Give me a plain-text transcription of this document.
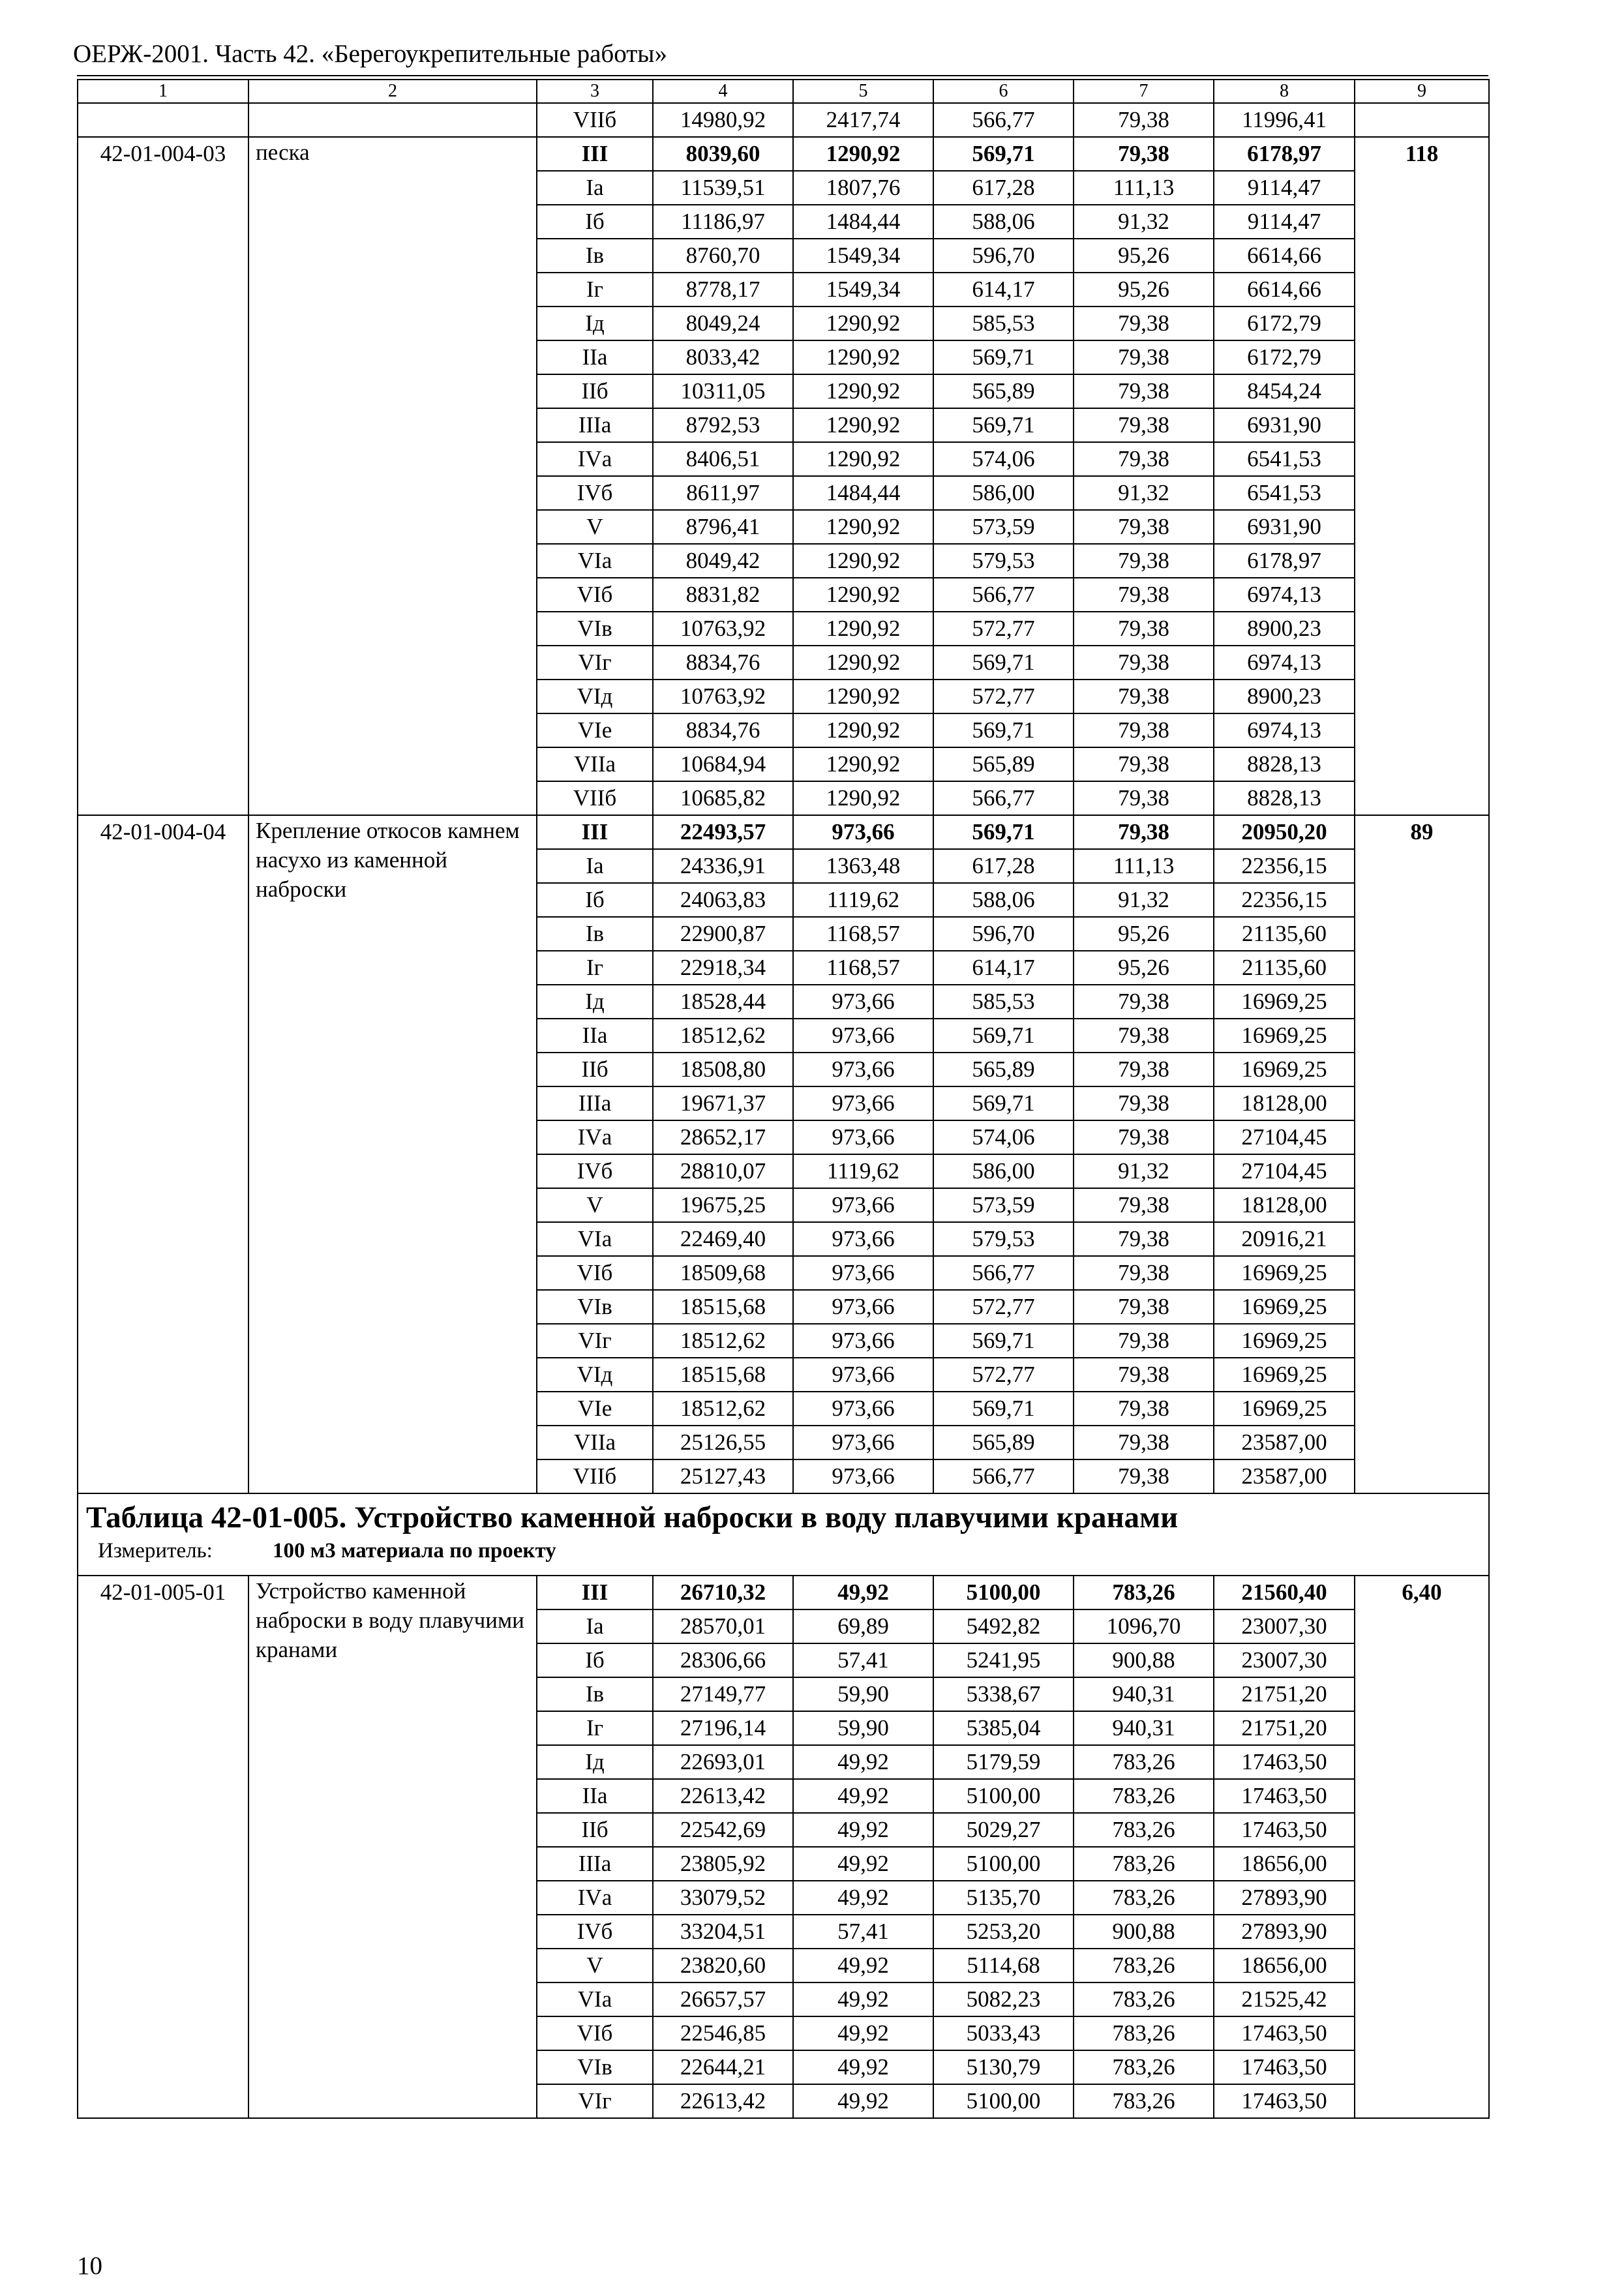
ОЕРЖ-2001. Часть 42. «Берегоукрепительные работы»
1	2	3	4	5	6	7	8	9
		VIIб	14980,92	2417,74	566,77	79,38	11996,41	
42-01-004-03	песка	III	8039,60	1290,92	569,71	79,38	6178,97	118
		Iа	11539,51	1807,76	617,28	111,13	9114,47	
		Iб	11186,97	1484,44	588,06	91,32	9114,47	
		Iв	8760,70	1549,34	596,70	95,26	6614,66	
		Iг	8778,17	1549,34	614,17	95,26	6614,66	
		Iд	8049,24	1290,92	585,53	79,38	6172,79	
		IIа	8033,42	1290,92	569,71	79,38	6172,79	
		IIб	10311,05	1290,92	565,89	79,38	8454,24	
		IIIа	8792,53	1290,92	569,71	79,38	6931,90	
		IVа	8406,51	1290,92	574,06	79,38	6541,53	
		IVб	8611,97	1484,44	586,00	91,32	6541,53	
		V	8796,41	1290,92	573,59	79,38	6931,90	
		VIа	8049,42	1290,92	579,53	79,38	6178,97	
		VIб	8831,82	1290,92	566,77	79,38	6974,13	
		VIв	10763,92	1290,92	572,77	79,38	8900,23	
		VIг	8834,76	1290,92	569,71	79,38	6974,13	
		VIд	10763,92	1290,92	572,77	79,38	8900,23	
		VIе	8834,76	1290,92	569,71	79,38	6974,13	
		VIIа	10684,94	1290,92	565,89	79,38	8828,13	
		VIIб	10685,82	1290,92	566,77	79,38	8828,13	
42-01-004-04	Крепление откосов камнем насухо из каменной наброски	III	22493,57	973,66	569,71	79,38	20950,20	89
		Iа	24336,91	1363,48	617,28	111,13	22356,15	
		Iб	24063,83	1119,62	588,06	91,32	22356,15	
		Iв	22900,87	1168,57	596,70	95,26	21135,60	
		Iг	22918,34	1168,57	614,17	95,26	21135,60	
		Iд	18528,44	973,66	585,53	79,38	16969,25	
		IIа	18512,62	973,66	569,71	79,38	16969,25	
		IIб	18508,80	973,66	565,89	79,38	16969,25	
		IIIа	19671,37	973,66	569,71	79,38	18128,00	
		IVа	28652,17	973,66	574,06	79,38	27104,45	
		IVб	28810,07	1119,62	586,00	91,32	27104,45	
		V	19675,25	973,66	573,59	79,38	18128,00	
		VIа	22469,40	973,66	579,53	79,38	20916,21	
		VIб	18509,68	973,66	566,77	79,38	16969,25	
		VIв	18515,68	973,66	572,77	79,38	16969,25	
		VIг	18512,62	973,66	569,71	79,38	16969,25	
		VIд	18515,68	973,66	572,77	79,38	16969,25	
		VIе	18512,62	973,66	569,71	79,38	16969,25	
		VIIа	25126,55	973,66	565,89	79,38	23587,00	
		VIIб	25127,43	973,66	566,77	79,38	23587,00	

Таблица 42-01-005. Устройство каменной наброски в воду плавучими кранами
Измеритель: 100 м3 материала по проекту								

42-01-005-01	Устройство каменной наброски в воду плавучими кранами	III	26710,32	49,92	5100,00	783,26	21560,40	6,40
		Iа	28570,01	69,89	5492,82	1096,70	23007,30	
		Iб	28306,66	57,41	5241,95	900,88	23007,30	
		Iв	27149,77	59,90	5338,67	940,31	21751,20	
		Iг	27196,14	59,90	5385,04	940,31	21751,20	
		Iд	22693,01	49,92	5179,59	783,26	17463,50	
		IIа	22613,42	49,92	5100,00	783,26	17463,50	
		IIб	22542,69	49,92	5029,27	783,26	17463,50	
		IIIа	23805,92	49,92	5100,00	783,26	18656,00	
		IVа	33079,52	49,92	5135,70	783,26	27893,90	
		IVб	33204,51	57,41	5253,20	900,88	27893,90	
		V	23820,60	49,92	5114,68	783,26	18656,00	
		VIа	26657,57	49,92	5082,23	783,26	21525,42	
		VIб	22546,85	49,92	5033,43	783,26	17463,50	
		VIв	22644,21	49,92	5130,79	783,26	17463,50	
		VIг	22613,42	49,92	5100,00	783,26	17463,50	
10
